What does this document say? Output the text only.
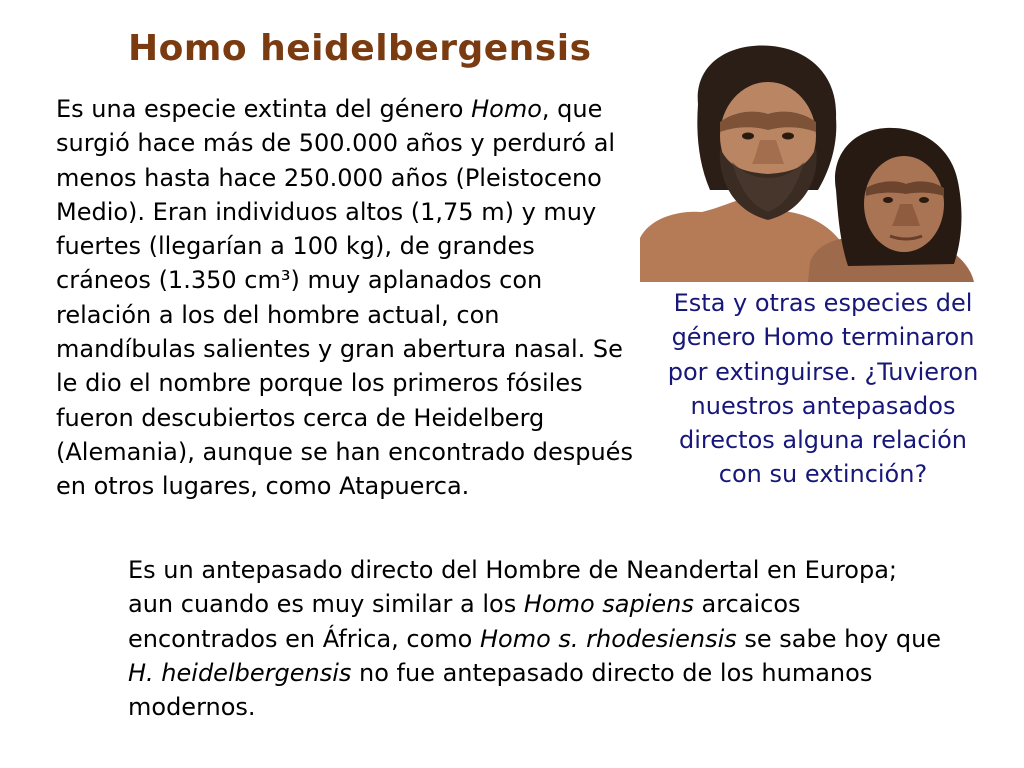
Homo heidelbergensis

Es una especie extinta del género Homo, que surgió hace más de 500.000 años y perduró al menos hasta hace 250.000 años (Pleistoceno Medio). Eran individuos altos (1,75 m) y muy fuertes (llegarían a 100 kg), de grandes cráneos (1.350 cm³) muy aplanados con relación a los del hombre actual, con mandíbulas salientes y gran abertura nasal. Se le dio el nombre porque los primeros fósiles fueron descubiertos cerca de Heidelberg (Alemania), aunque se han encontrado después en otros lugares, como Atapuerca.

Esta y otras especies del género Homo terminaron por extinguirse. ¿Tuvieron nuestros antepasados directos alguna relación con su extinción?

Es un antepasado directo del Hombre de Neandertal en Europa; aun cuando es muy similar a los Homo sapiens arcaicos encontrados en África, como Homo s. rhodesiensis se sabe hoy que H. heidelbergensis no fue antepasado directo de los humanos modernos.
